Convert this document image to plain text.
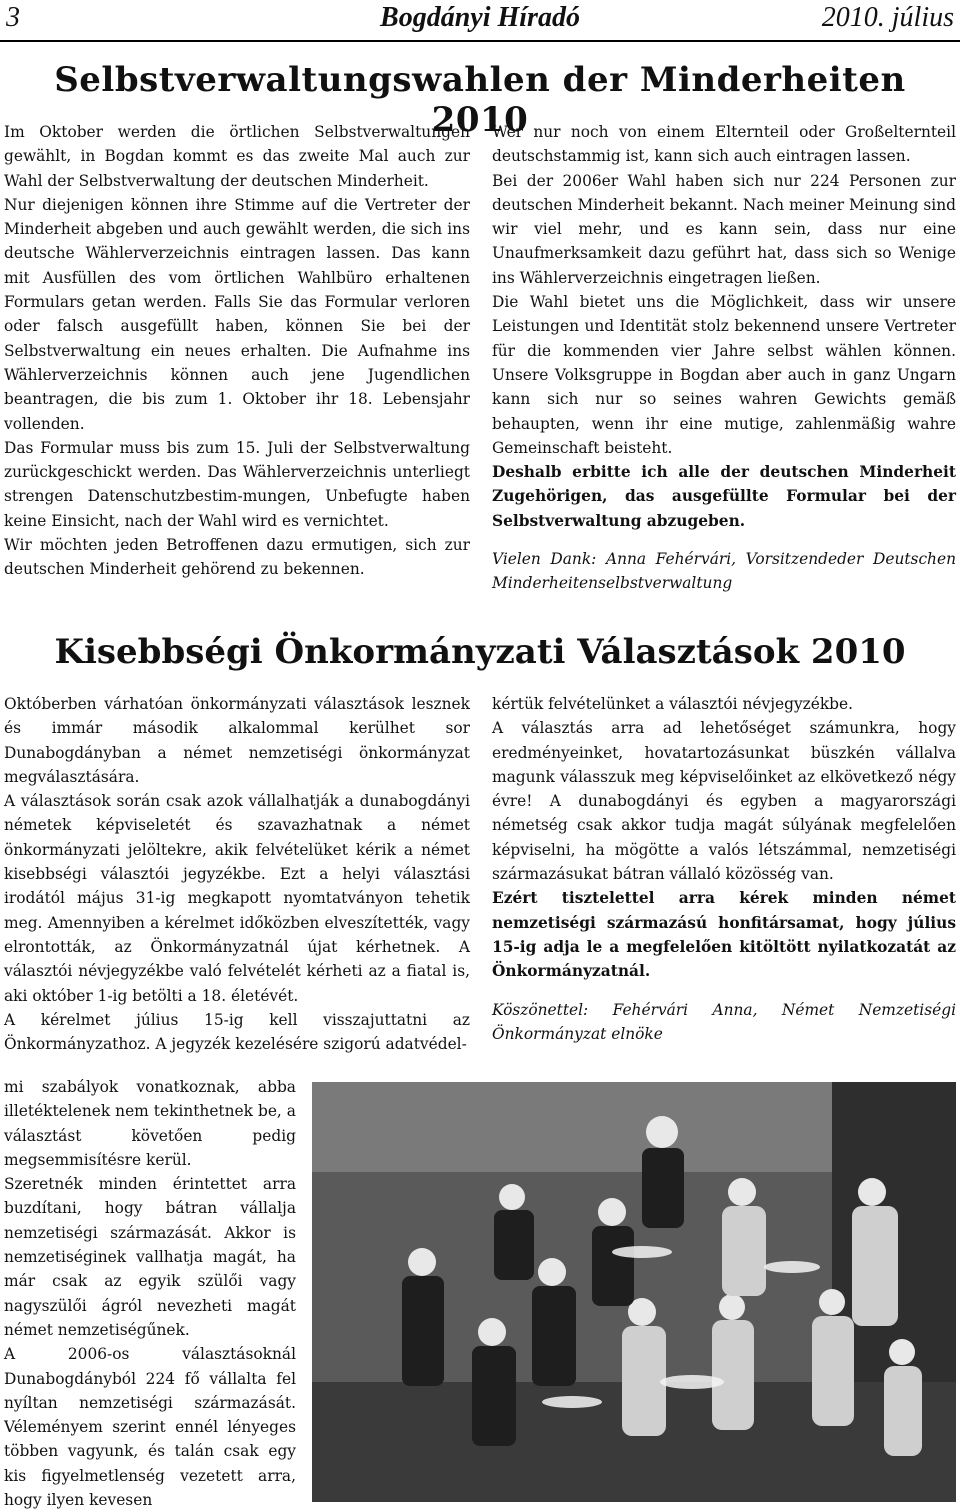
3	Bogdányi Híradó	2010. július
Selbstverwaltungswahlen der Minderheiten 2010

Im Oktober werden die örtlichen Selbstverwaltungen gewählt, in Bogdan kommt es das zweite Mal auch zur Wahl der Selbstverwaltung der deutschen Minderheit.

Nur diejenigen können ihre Stimme auf die Vertreter der Minderheit abgeben und auch gewählt werden, die sich ins deutsche Wählerverzeichnis eintragen lassen. Das kann mit Ausfüllen des vom örtlichen Wahlbüro erhaltenen Formulars getan werden. Falls Sie das Formular verloren oder falsch ausgefüllt haben, können Sie bei der Selbstverwaltung ein neues erhalten. Die Aufnahme ins Wählerverzeichnis können auch jene Jugendlichen beantragen, die bis zum 1. Oktober ihr 18. Lebensjahr vollenden.

Das Formular muss bis zum 15. Juli der Selbstverwaltung zurückgeschickt werden. Das Wählerverzeichnis unterliegt strengen Datenschutzbestim-mungen, Unbefugte haben keine Einsicht, nach der Wahl wird es vernichtet.

Wir möchten jeden Betroffenen dazu ermutigen, sich zur deutschen Minderheit gehörend zu bekennen.

Wer nur noch von einem Elternteil oder Großelternteil deutschstammig ist, kann sich auch eintragen lassen.

Bei der 2006er Wahl haben sich nur 224 Personen zur deutschen Minderheit bekannt. Nach meiner Meinung sind wir viel mehr, und es kann sein, dass nur eine Unaufmerksamkeit dazu geführt hat, dass sich so Wenige ins Wählerverzeichnis eingetragen ließen.

Die Wahl bietet uns die Möglichkeit, dass wir unsere Leistungen und Identität stolz bekennend unsere Vertreter für die kommenden vier Jahre selbst wählen können. Unsere Volksgruppe in Bogdan aber auch in ganz Ungarn kann sich nur so seines wahren Gewichts gemäß behaupten, wenn ihr eine mutige, zahlenmäßig wahre Gemeinschaft beisteht.

Deshalb erbitte ich alle der deutschen Minderheit Zugehörigen, das ausgefüllte Formular bei der Selbstverwaltung abzugeben.

Vielen Dank: Anna Fehérvári, Vorsitzendeder Deutschen Minderheitenselbstverwaltung

Kisebbségi Önkormányzati Választások 2010

Októberben várhatóan önkormányzati választások lesznek és immár második alkalommal kerülhet sor Dunabogdányban a német nemzetiségi önkormányzat megválasztására.

A választások során csak azok vállalhatják a dunabogdányi németek képviseletét és szavazhatnak a német önkormányzati jelöltekre, akik felvételüket kérik a német kisebbségi választói jegyzékbe. Ezt a helyi választási irodától május 31-ig megkapott nyomtatványon tehetik meg. Amennyiben a kérelmet időközben elveszítették, vagy elrontották, az Önkormányzatnál újat kérhetnek. A választói névjegyzékbe való felvételét kérheti az a fiatal is, aki október 1-ig betölti a 18. életévét.

A kérelmet július 15-ig kell visszajuttatni az Önkormányzathoz. A jegyzék kezelésére szigorú adatvédel-

mi szabályok vonatkoznak, abba illetéktelenek nem tekinthetnek be, a választást követően pedig megsemmisítésre kerül.

Szeretnék minden érintettet arra buzdítani, hogy bátran vállalja nemzetiségi származását. Akkor is nemzetiséginek vallhatja magát, ha már csak az egyik szülői vagy nagyszülői ágról nevezheti magát német nemzetiségűnek.

A 2006-os választásoknál Dunabogdányból 224 fő vállalta fel nyíltan nemzetiségi származását. Véleményem szerint ennél lényeges többen vagyunk, és talán csak egy kis figyelmetlenség vezetett arra, hogy ilyen kevesen

kértük felvételünket a választói névjegyzékbe.

A választás arra ad lehetőséget számunkra, hogy eredményeinket, hovatartozásunkat büszkén vállalva magunk válasszuk meg képviselőinket az elkövetkező négy évre! A dunabogdányi és egyben a magyarországi németség csak akkor tudja magát súlyának megfelelően képviselni, ha mögötte a valós létszámmal, nemzetiségi származásukat bátran vállaló közösség van.

Ezért tisztelettel arra kérek minden német nemzetiségi származású honfitársamat, hogy július 15-ig adja le a megfelelően kitöltött nyilatkozatát az Önkormányzatnál.

Köszönettel: Fehérvári Anna, Német Nemzetiségi Önkormányzat elnöke
